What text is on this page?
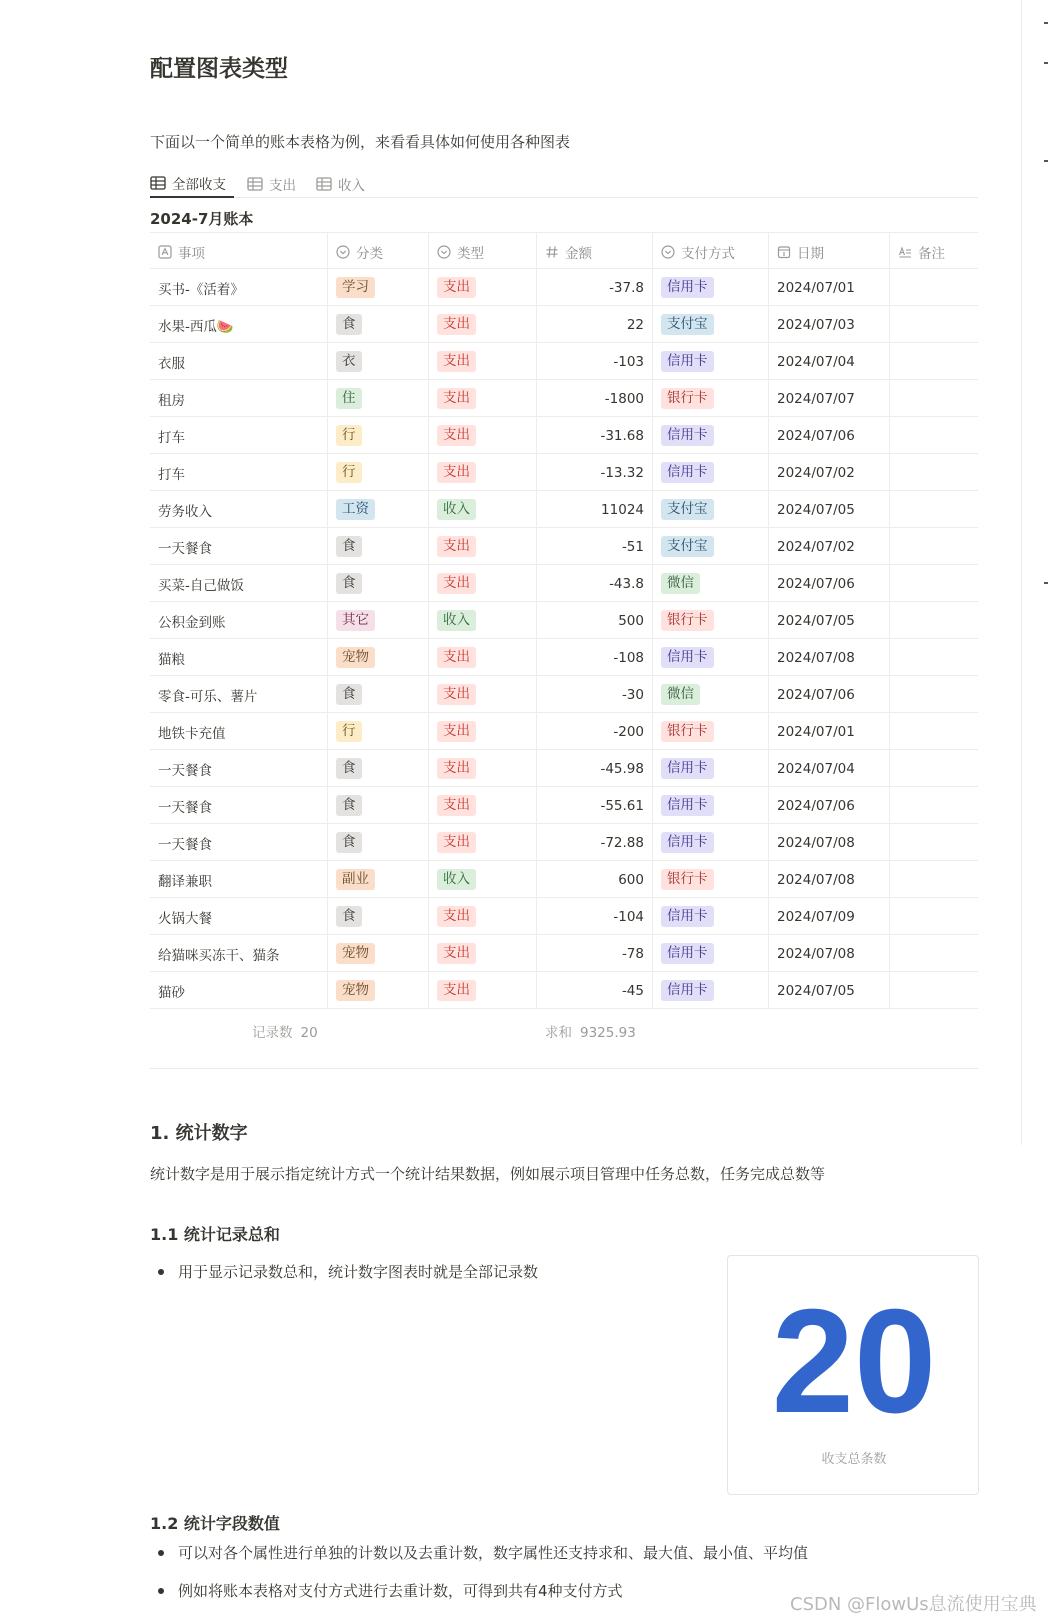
配置图表类型
下面以一个简单的账本表格为例，来看看具体如何使用各种图表
全部收支	支出	收入
2024-7月账本
事项	分类	类型	金额	支付方式	日期	备注
买书-《活着》	学习	支出	-37.8	信用卡	2024/07/01
水果-西瓜🍉	食	支出	22	支付宝	2024/07/03
衣服	衣	支出	-103	信用卡	2024/07/04
租房	住	支出	-1800	银行卡	2024/07/07
打车	行	支出	-31.68	信用卡	2024/07/06
打车	行	支出	-13.32	信用卡	2024/07/02
劳务收入	工资	收入	11024	支付宝	2024/07/05
一天餐食	食	支出	-51	支付宝	2024/07/02
买菜-自己做饭	食	支出	-43.8	微信	2024/07/06
公积金到账	其它	收入	500	银行卡	2024/07/05
猫粮	宠物	支出	-108	信用卡	2024/07/08
零食-可乐、薯片	食	支出	-30	微信	2024/07/06
地铁卡充值	行	支出	-200	银行卡	2024/07/01
一天餐食	食	支出	-45.98	信用卡	2024/07/04
一天餐食	食	支出	-55.61	信用卡	2024/07/06
一天餐食	食	支出	-72.88	信用卡	2024/07/08
翻译兼职	副业	收入	600	银行卡	2024/07/08
火锅大餐	食	支出	-104	信用卡	2024/07/09
给猫咪买冻干、猫条	宠物	支出	-78	信用卡	2024/07/08
猫砂	宠物	支出	-45	信用卡	2024/07/05
记录数 20	求和 9325.93
1. 统计数字
统计数字是用于展示指定统计方式一个统计结果数据，例如展示项目管理中任务总数，任务完成总数等
1.1 统计记录总和
用于显示记录数总和，统计数字图表时就是全部记录数
20
收支总条数
1.2 统计字段数值
可以对各个属性进行单独的计数以及去重计数，数字属性还支持求和、最大值、最小值、平均值
例如将账本表格对支付方式进行去重计数，可得到共有4种支付方式
CSDN @FlowUs息流使用宝典
